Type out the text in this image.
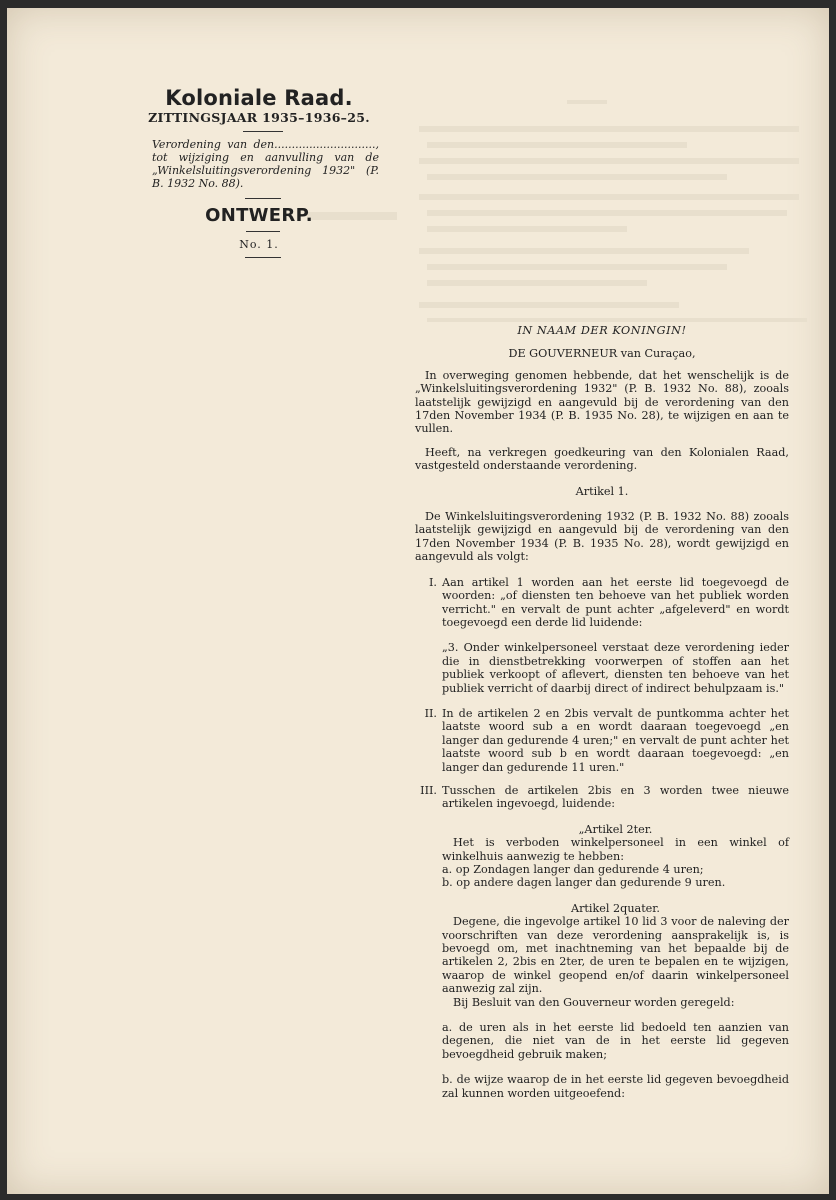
Koloniale Raad.
ZITTINGSJAAR 1935–1936–25.
Verordening van den............................., tot wijziging en aanvulling van de „Winkelsluitingsverordening 1932" (P. B. 1932 No. 88).
ONTWERP.
No. 1.
IN NAAM DER KONINGIN!
DE GOUVERNEUR van Curaçao,
In overweging genomen hebbende, dat het wenschelijk is de „Winkelsluitingsverordening 1932" (P. B. 1932 No. 88), zooals laatstelijk gewijzigd en aangevuld bij de verordening van den 17den November 1934 (P. B. 1935 No. 28), te wijzigen en aan te vullen.
Heeft, na verkregen goedkeuring van den Kolonialen Raad, vastgesteld onderstaande verordening.
Artikel 1.
De Winkelsluitingsverordening 1932 (P. B. 1932 No. 88) zooals laatstelijk gewijzigd en aangevuld bij de verordening van den 17den November 1934 (P. B. 1935 No. 28), wordt gewijzigd en aangevuld als volgt:
I. Aan artikel 1 worden aan het eerste lid toegevoegd de woorden: „of diensten ten behoeve van het publiek worden verricht." en vervalt de punt achter „afgeleverd" en wordt toegevoegd een derde lid luidende:
„3. Onder winkelpersoneel verstaat deze verordening ieder die in dienstbetrekking voorwerpen of stoffen aan het publiek verkoopt of aflevert, diensten ten behoeve van het publiek verricht of daarbij direct of indirect behulpzaam is."
II. In de artikelen 2 en 2bis vervalt de puntkomma achter het laatste woord sub a en wordt daaraan toegevoegd „en langer dan gedurende 4 uren;" en vervalt de punt achter het laatste woord sub b en wordt daaraan toegevoegd: „en langer dan gedurende 11 uren."
III. Tusschen de artikelen 2bis en 3 worden twee nieuwe artikelen ingevoegd, luidende:
„Artikel 2ter.
Het is verboden winkelpersoneel in een winkel of winkelhuis aanwezig te hebben:
a. op Zondagen langer dan gedurende 4 uren;
b. op andere dagen langer dan gedurende 9 uren.
Artikel 2quater.
Degene, die ingevolge artikel 10 lid 3 voor de naleving der voorschriften van deze verordening aansprakelijk is, is bevoegd om, met inachtneming van het bepaalde bij de artikelen 2, 2bis en 2ter, de uren te bepalen en te wijzigen, waarop de winkel geopend en/of daarin winkelpersoneel aanwezig zal zijn.
Bij Besluit van den Gouverneur worden geregeld:
a. de uren als in het eerste lid bedoeld ten aanzien van degenen, die niet van de in het eerste lid gegeven bevoegdheid gebruik maken;
b. de wijze waarop de in het eerste lid gegeven bevoegdheid zal kunnen worden uitgeoefend:
